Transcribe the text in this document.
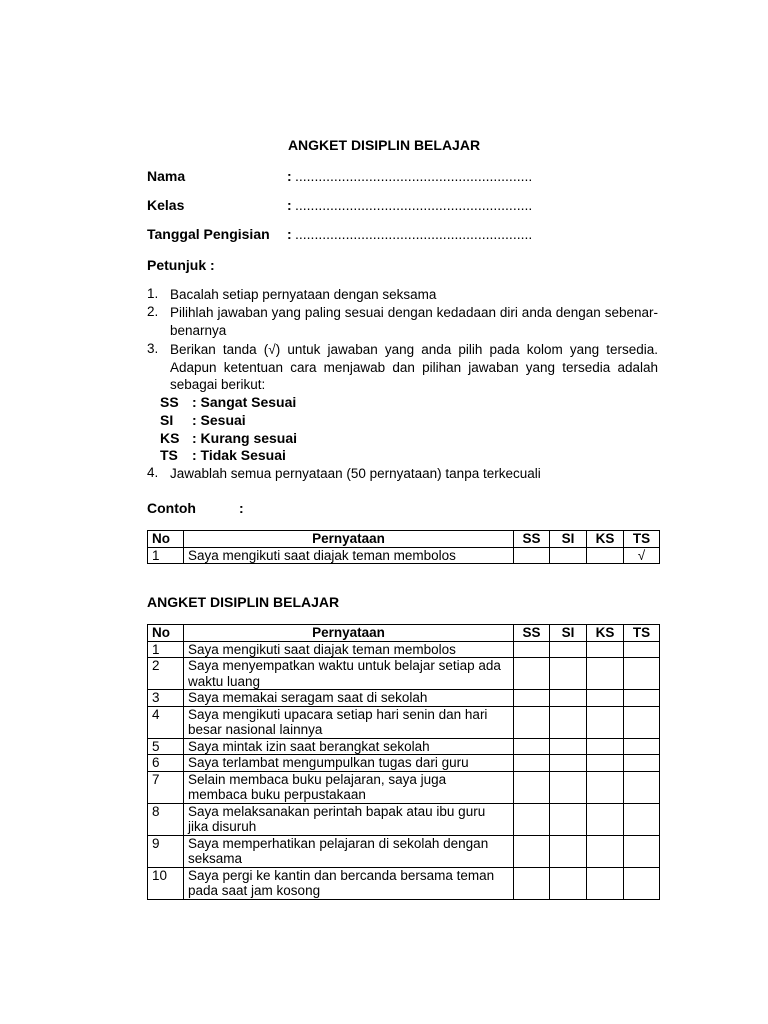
ANGKET DISIPLIN BELAJAR
Nama	: .............................................................
Kelas	: .............................................................
Tanggal Pengisian : .............................................................
Petunjuk :
1. Bacalah setiap pernyataan dengan seksama
2. Pilihlah jawaban yang paling sesuai dengan kedadaan diri anda dengan sebenar-benarnya
3. Berikan tanda (√) untuk jawaban yang anda pilih pada kolom yang tersedia. Adapun ketentuan cara menjawab dan pilihan jawaban yang tersedia adalah sebagai berikut:
SS : Sangat Sesuai
SI : Sesuai
KS : Kurang sesuai
TS : Tidak Sesuai
4. Jawablah semua pernyataan (50 pernyataan) tanpa terkecuali
Contoh	:
No	Pernyataan	SS	SI	KS	TS
1	Saya mengikuti saat diajak teman membolos				√
ANGKET DISIPLIN BELAJAR
No	Pernyataan	SS	SI	KS	TS
1	Saya mengikuti saat diajak teman membolos				
2	Saya menyempatkan waktu untuk belajar setiap ada waktu luang				
3	Saya memakai seragam saat di sekolah				
4	Saya mengikuti upacara setiap hari senin dan hari besar nasional lainnya				
5	Saya mintak izin saat berangkat sekolah				
6	Saya terlambat mengumpulkan tugas dari guru				
7	Selain membaca buku pelajaran, saya juga membaca buku perpustakaan				
8	Saya melaksanakan perintah bapak atau ibu guru jika disuruh				
9	Saya memperhatikan pelajaran di sekolah dengan seksama				
10	Saya pergi ke kantin dan bercanda bersama teman pada saat jam kosong				
